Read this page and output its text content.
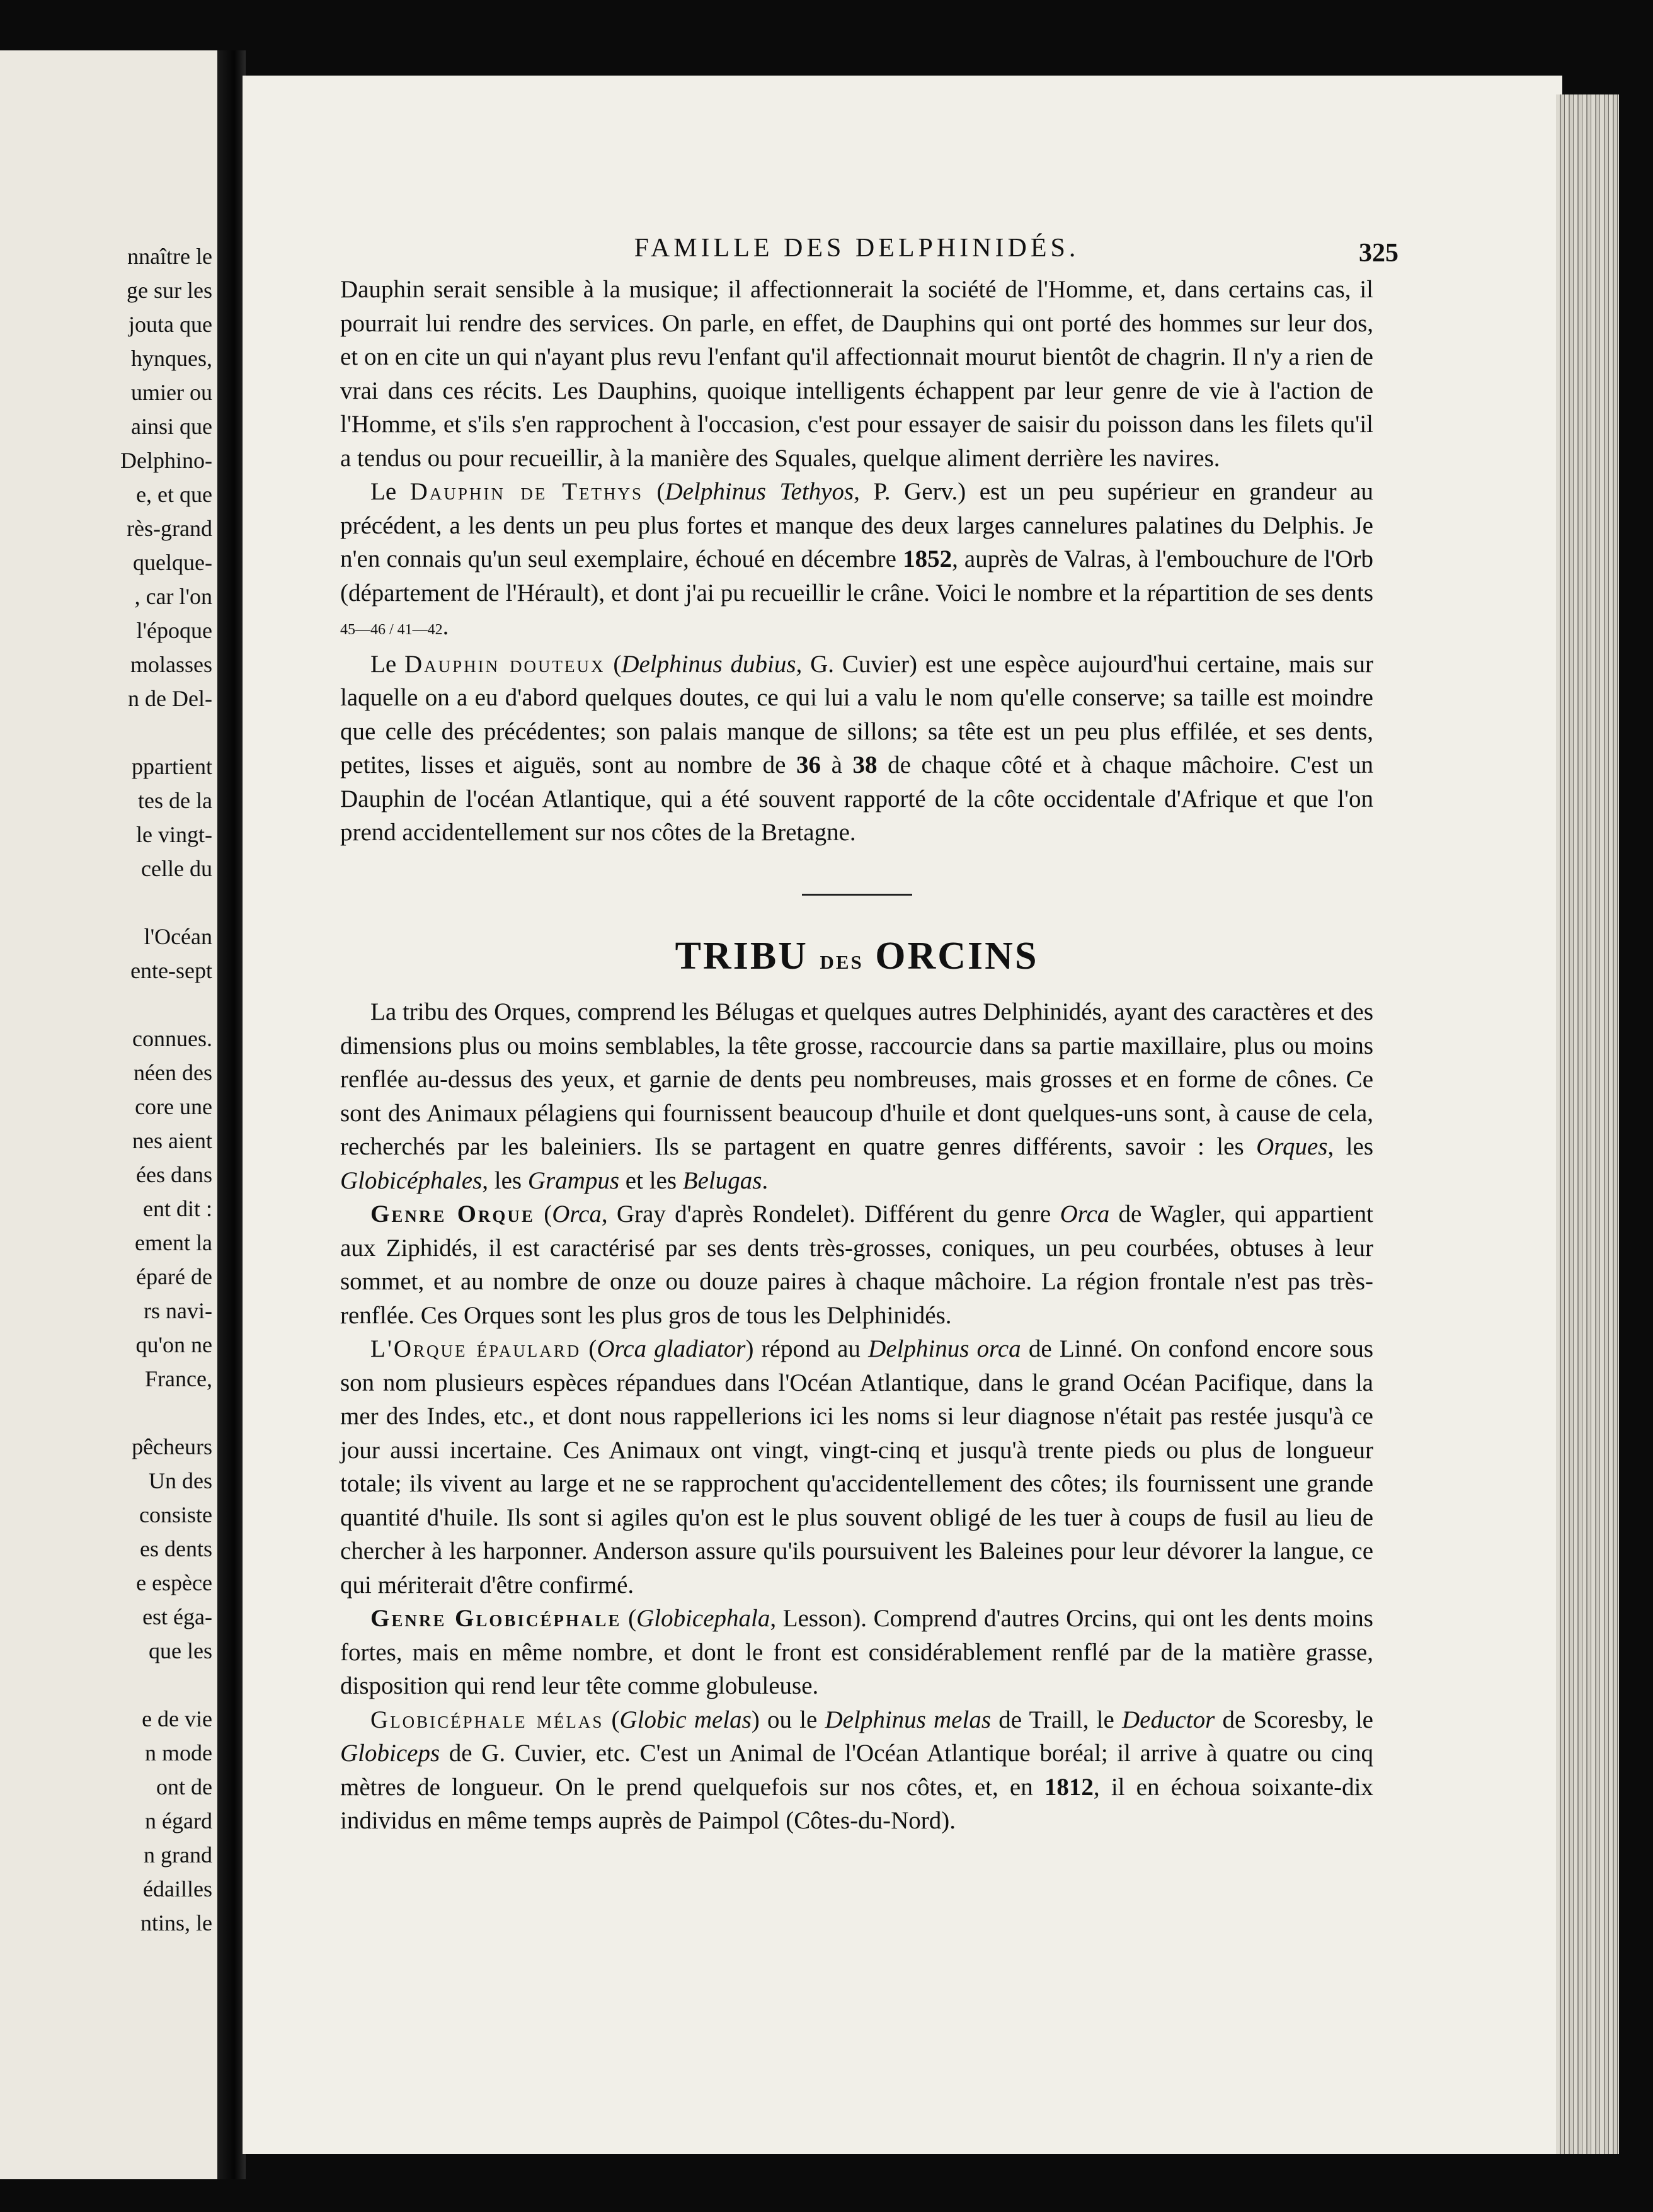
nnaître le
ge sur les
jouta que
hynques,
umier ou
ainsi que
Delphino-
e, et que
rès-grand
quelque-
, car l'on
l'époque
molasses
n de Del-
ppartient
tes de la
le vingt-
celle du
l'Océan
ente-sept
connues.
néen des
core une
nes aient
ées dans
ent dit :
ement la
éparé de
rs navi-
qu'on ne
France,
pêcheurs
Un des
consiste
es dents
e espèce
est éga-
que les
e de vie
n mode
ont de
n égard
n grand
édailles
ntins, le
FAMILLE DES DELPHINIDÉS.	325

Dauphin serait sensible à la musique; il affectionnerait la société de l'Homme, et, dans certains cas, il pourrait lui rendre des services. On parle, en effet, de Dauphins qui ont porté des hommes sur leur dos, et on en cite un qui n'ayant plus revu l'enfant qu'il affectionnait mourut bientôt de chagrin. Il n'y a rien de vrai dans ces récits. Les Dauphins, quoique intelligents échappent par leur genre de vie à l'action de l'Homme, et s'ils s'en rapprochent à l'occasion, c'est pour essayer de saisir du poisson dans les filets qu'il a tendus ou pour recueillir, à la manière des Squales, quelque aliment derrière les navires.

Le Dauphin de Tethys (Delphinus Tethyos, P. Gerv.) est un peu supérieur en grandeur au précédent, a les dents un peu plus fortes et manque des deux larges cannelures palatines du Delphis. Je n'en connais qu'un seul exemplaire, échoué en décembre 1852, auprès de Valras, à l'embouchure de l'Orb (département de l'Hérault), et dont j'ai pu recueillir le crâne. Voici le nombre et la répartition de ses dents 45—46 / 41—42.

Le Dauphin douteux (Delphinus dubius, G. Cuvier) est une espèce aujourd'hui certaine, mais sur laquelle on a eu d'abord quelques doutes, ce qui lui a valu le nom qu'elle conserve; sa taille est moindre que celle des précédentes; son palais manque de sillons; sa tête est un peu plus effilée, et ses dents, petites, lisses et aiguës, sont au nombre de 36 à 38 de chaque côté et à chaque mâchoire. C'est un Dauphin de l'océan Atlantique, qui a été souvent rapporté de la côte occidentale d'Afrique et que l'on prend accidentellement sur nos côtes de la Bretagne.

TRIBU des ORCINS

La tribu des Orques, comprend les Bélugas et quelques autres Delphinidés, ayant des caractères et des dimensions plus ou moins semblables, la tête grosse, raccourcie dans sa partie maxillaire, plus ou moins renflée au-dessus des yeux, et garnie de dents peu nombreuses, mais grosses et en forme de cônes. Ce sont des Animaux pélagiens qui fournissent beaucoup d'huile et dont quelques-uns sont, à cause de cela, recherchés par les baleiniers. Ils se partagent en quatre genres différents, savoir : les Orques, les Globicéphales, les Grampus et les Belugas.

Genre Orque (Orca, Gray d'après Rondelet). Différent du genre Orca de Wagler, qui appartient aux Ziphidés, il est caractérisé par ses dents très-grosses, coniques, un peu courbées, obtuses à leur sommet, et au nombre de onze ou douze paires à chaque mâchoire. La région frontale n'est pas très-renflée. Ces Orques sont les plus gros de tous les Delphinidés.

L'Orque épaulard (Orca gladiator) répond au Delphinus orca de Linné. On confond encore sous son nom plusieurs espèces répandues dans l'Océan Atlantique, dans le grand Océan Pacifique, dans la mer des Indes, etc., et dont nous rappellerions ici les noms si leur diagnose n'était pas restée jusqu'à ce jour aussi incertaine. Ces Animaux ont vingt, vingt-cinq et jusqu'à trente pieds ou plus de longueur totale; ils vivent au large et ne se rapprochent qu'accidentellement des côtes; ils fournissent une grande quantité d'huile. Ils sont si agiles qu'on est le plus souvent obligé de les tuer à coups de fusil au lieu de chercher à les harponner. Anderson assure qu'ils poursuivent les Baleines pour leur dévorer la langue, ce qui mériterait d'être confirmé.

Genre Globicéphale (Globicephala, Lesson). Comprend d'autres Orcins, qui ont les dents moins fortes, mais en même nombre, et dont le front est considérablement renflé par de la matière grasse, disposition qui rend leur tête comme globuleuse.

Globicéphale mélas (Globic melas) ou le Delphinus melas de Traill, le Deductor de Scoresby, le Globiceps de G. Cuvier, etc. C'est un Animal de l'Océan Atlantique boréal; il arrive à quatre ou cinq mètres de longueur. On le prend quelquefois sur nos côtes, et, en 1812, il en échoua soixante-dix individus en même temps auprès de Paimpol (Côtes-du-Nord).
